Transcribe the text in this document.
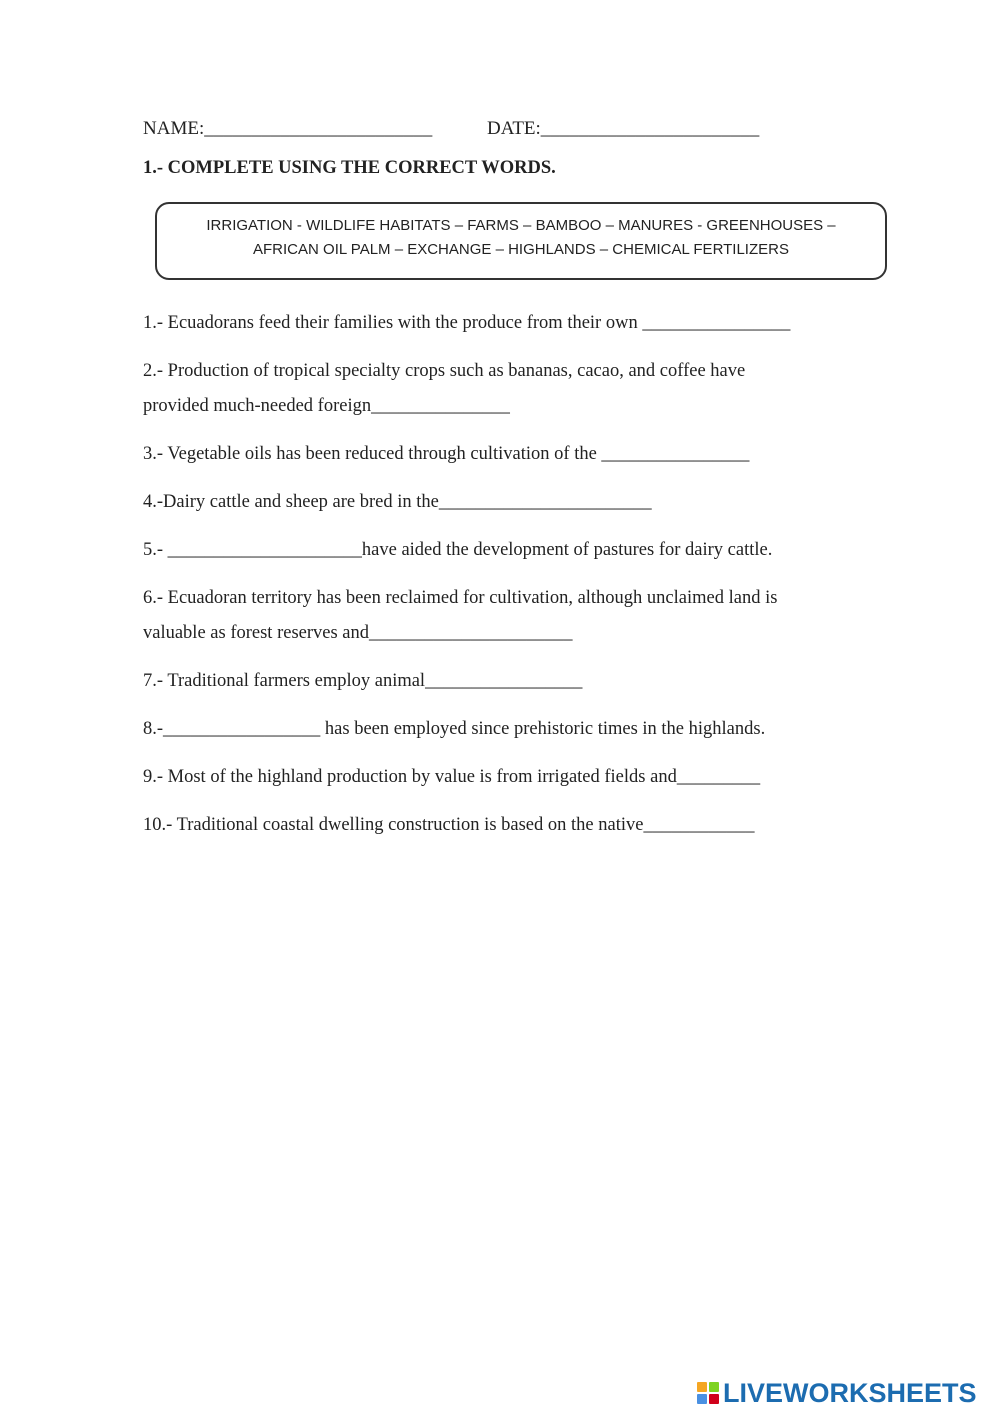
NAME:________________________	DATE:_______________________
1.- COMPLETE USING THE CORRECT WORDS.
IRRIGATION - WILDLIFE HABITATS – FARMS – BAMBOO – MANURES - GREENHOUSES –
AFRICAN OIL PALM – EXCHANGE – HIGHLANDS – CHEMICAL FERTILIZERS
1.- Ecuadorans feed their families with the produce from their own ________________
2.- Production of tropical specialty crops such as bananas, cacao, and coffee have
provided much-needed foreign_______________
3.- Vegetable oils has been reduced through cultivation of the ________________
4.-Dairy cattle and sheep are bred in the_______________________
5.- _____________________have aided the development of pastures for dairy cattle.
6.- Ecuadoran territory has been reclaimed for cultivation, although unclaimed land is
valuable as forest reserves and______________________
7.- Traditional farmers employ animal_________________
8.-_________________ has been employed since prehistoric times in the highlands.
9.- Most of the highland production by value is from irrigated fields and_________
10.- Traditional coastal dwelling construction is based on the native____________
LIVEWORKSHEETS
